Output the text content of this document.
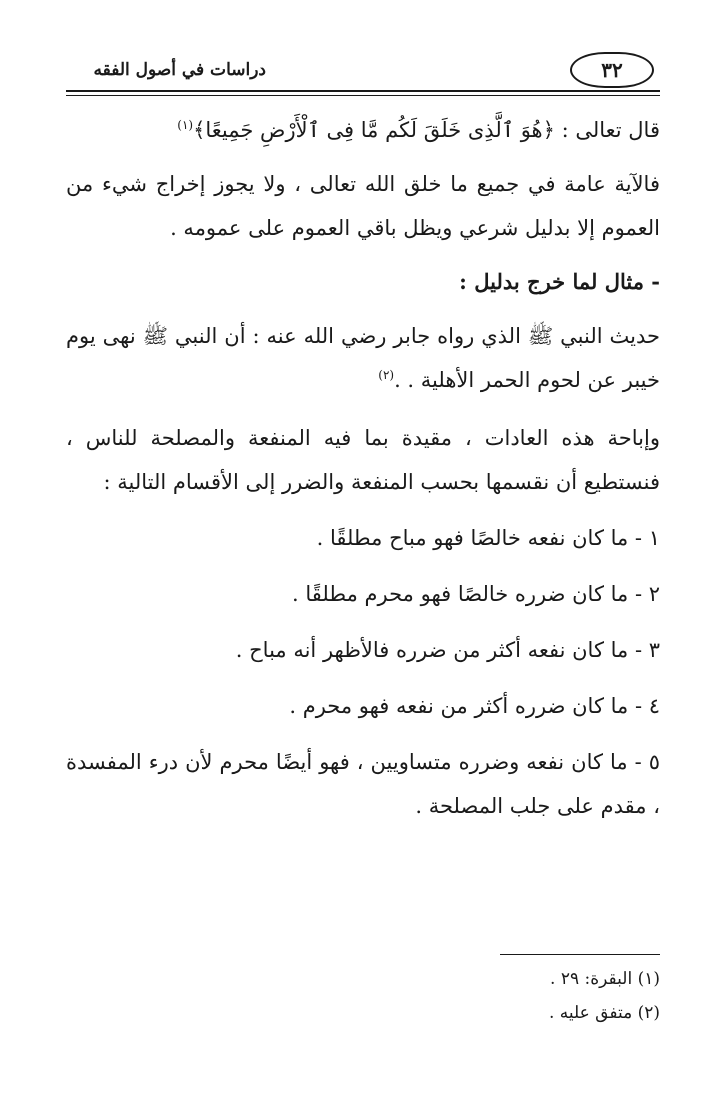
دراسات في أصول الفقه	٣٢

قال تعالى : ﴿هُوَ ٱلَّذِى خَلَقَ لَكُم مَّا فِى ٱلْأَرْضِ جَمِيعًا﴾$^{(١)}$

فالآية عامة في جميع ما خلق الله تعالى ، ولا يجوز إخراج شيء من العموم إلا بدليل شرعي ويظل باقي العموم على عمومه .

- مثال لما خرج بدليل :

حديث النبي ﷺ الذي رواه جابر رضي الله عنه : أن النبي ﷺ نهى يوم خيبر عن لحوم الحمر الأهلية . .$^{(٢)}$

وإباحة هذه العادات ، مقيدة بما فيه المنفعة والمصلحة للناس ، فنستطيع أن نقسمها بحسب المنفعة والضرر إلى الأقسام التالية :

١ - ما كان نفعه خالصًا فهو مباح مطلقًا .

٢ - ما كان ضرره خالصًا فهو محرم مطلقًا .

٣ - ما كان نفعه أكثر من ضرره فالأظهر أنه مباح .

٤ - ما كان ضرره أكثر من نفعه فهو محرم .

٥ - ما كان نفعه وضرره متساويين ، فهو أيضًا محرم لأن درء المفسدة ، مقدم على جلب المصلحة .

(١) البقرة: ٢٩ .
(٢) متفق عليه .
